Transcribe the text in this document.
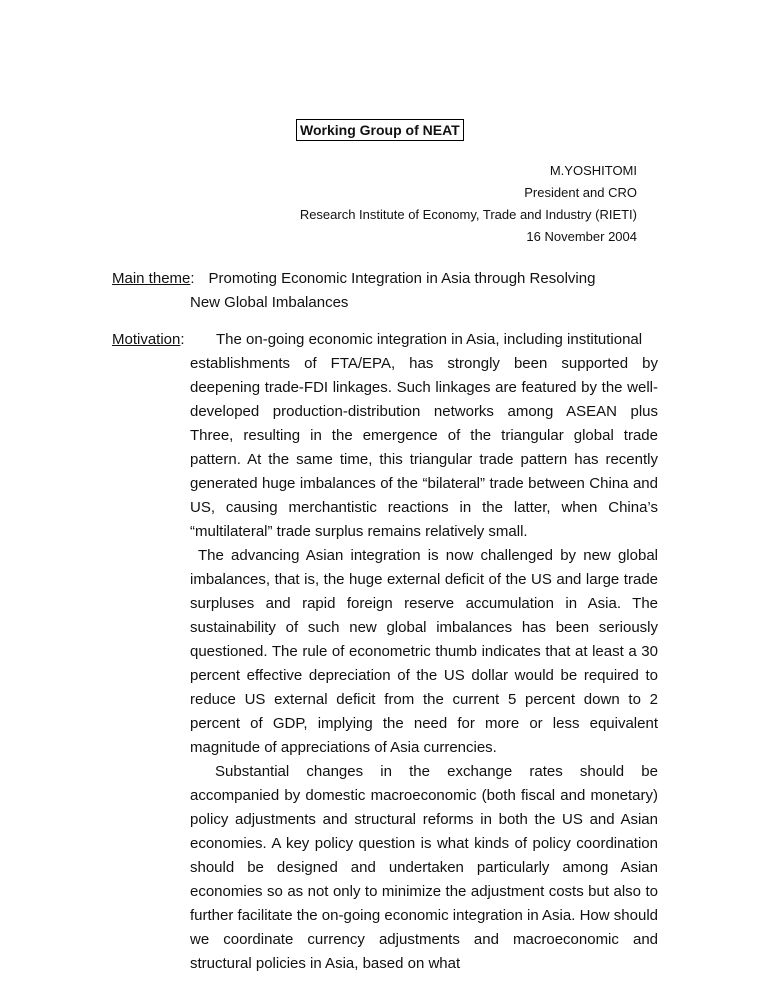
Working Group of NEAT
M.YOSHITOMI
President and CRO
Research Institute of Economy, Trade and Industry (RIETI)
16 November 2004
Main theme: Promoting Economic Integration in Asia through Resolving
New Global Imbalances
Motivation: The on-going economic integration in Asia, including institutional

establishments of FTA/EPA, has strongly been supported by deepening trade-FDI linkages. Such linkages are featured by the well-developed production-distribution networks among ASEAN plus Three, resulting in the emergence of the triangular global trade pattern. At the same time, this triangular trade pattern has recently generated huge imbalances of the “bilateral” trade between China and US, causing merchantistic reactions in the latter, when China’s “multilateral” trade surplus remains relatively small.

The advancing Asian integration is now challenged by new global imbalances, that is, the huge external deficit of the US and large trade surpluses and rapid foreign reserve accumulation in Asia. The sustainability of such new global imbalances has been seriously questioned. The rule of econometric thumb indicates that at least a 30 percent effective depreciation of the US dollar would be required to reduce US external deficit from the current 5 percent down to 2 percent of GDP, implying the need for more or less equivalent magnitude of appreciations of Asia currencies.

Substantial changes in the exchange rates should be accompanied by domestic macroeconomic (both fiscal and monetary) policy adjustments and structural reforms in both the US and Asian economies. A key policy question is what kinds of policy coordination should be designed and undertaken particularly among Asian economies so as not only to minimize the adjustment costs but also to further facilitate the on-going economic integration in Asia. How should we coordinate currency adjustments and macroeconomic and structural policies in Asia, based on what
